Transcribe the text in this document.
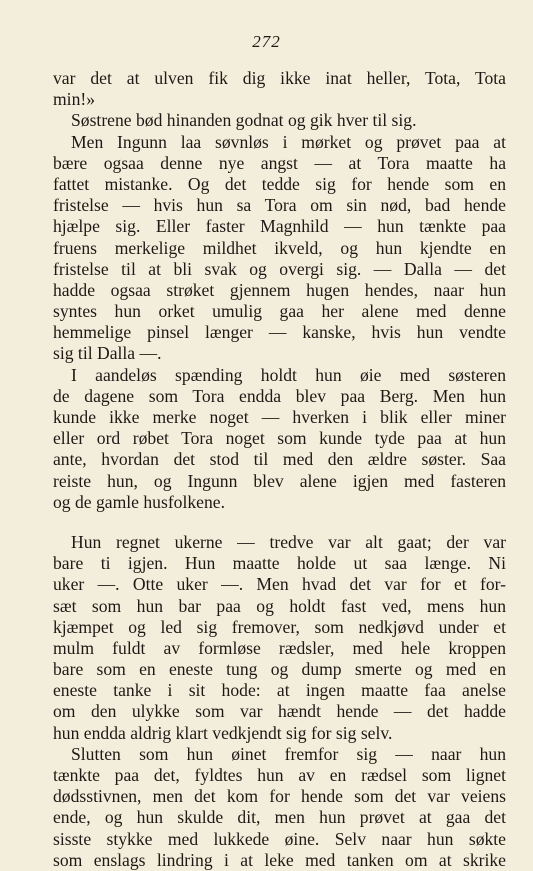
272
var det at ulven fik dig ikke inat heller, Tota, Tota
min!»
Søstrene bød hinanden godnat og gik hver til sig.
Men Ingunn laa søvnløs i mørket og prøvet paa at
bære ogsaa denne nye angst — at Tora maatte ha
fattet mistanke. Og det tedde sig for hende som en
fristelse — hvis hun sa Tora om sin nød, bad hende
hjælpe sig. Eller faster Magnhild — hun tænkte paa
fruens merkelige mildhet ikveld, og hun kjendte en
fristelse til at bli svak og overgi sig. — Dalla — det
hadde ogsaa strøket gjennem hugen hendes, naar hun
syntes hun orket umulig gaa her alene med denne
hemmelige pinsel længer — kanske, hvis hun vendte
sig til Dalla —.
I aandeløs spænding holdt hun øie med søsteren
de dagene som Tora endda blev paa Berg. Men hun
kunde ikke merke noget — hverken i blik eller miner
eller ord røbet Tora noget som kunde tyde paa at hun
ante, hvordan det stod til med den ældre søster. Saa
reiste hun, og Ingunn blev alene igjen med fasteren
og de gamle husfolkene.
Hun regnet ukerne — tredve var alt gaat; der var
bare ti igjen. Hun maatte holde ut saa længe. Ni
uker —. Otte uker —. Men hvad det var for et for-
sæt som hun bar paa og holdt fast ved, mens hun
kjæmpet og led sig fremover, som nedkjøvd under et
mulm fuldt av formløse rædsler, med hele kroppen
bare som en eneste tung og dump smerte og med en
eneste tanke i sit hode: at ingen maatte faa anelse
om den ulykke som var hændt hende — det hadde
hun endda aldrig klart vedkjendt sig for sig selv.
Slutten som hun øinet fremfor sig — naar hun
tænkte paa det, fyldtes hun av en rædsel som lignet
dødsstivnen, men det kom for hende som det var veiens
ende, og hun skulde dit, men hun prøvet at gaa det
sisste stykke med lukkede øine. Selv naar hun søkte
som enslags lindring i at leke med tanken om at skrike
